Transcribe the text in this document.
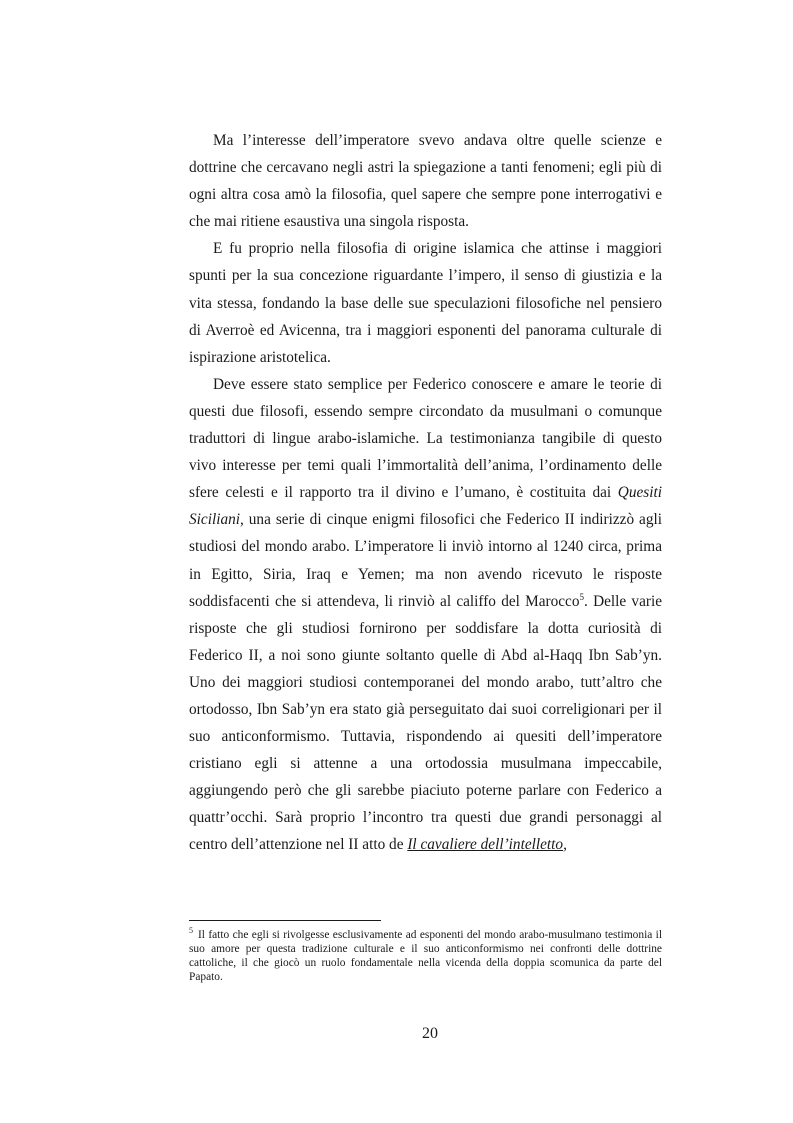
Ma l’interesse dell’imperatore svevo andava oltre quelle scienze e dottrine che cercavano negli astri la spiegazione a tanti fenomeni; egli più di ogni altra cosa amò la filosofia, quel sapere che sempre pone interrogativi e che mai ritiene esaustiva una singola risposta.

E fu proprio nella filosofia di origine islamica che attinse i maggiori spunti per la sua concezione riguardante l’impero, il senso di giustizia e la vita stessa, fondando la base delle sue speculazioni filosofiche nel pensiero di Averroè ed Avicenna, tra i maggiori esponenti del panorama culturale di ispirazione aristotelica.

Deve essere stato semplice per Federico conoscere e amare le teorie di questi due filosofi, essendo sempre circondato da musulmani o comunque traduttori di lingue arabo-islamiche. La testimonianza tangibile di questo vivo interesse per temi quali l’immortalità dell’anima, l’ordinamento delle sfere celesti e il rapporto tra il divino e l’umano, è costituita dai Quesiti Siciliani, una serie di cinque enigmi filosofici che Federico II indirizzò agli studiosi del mondo arabo. L’imperatore li inviò intorno al 1240 circa, prima in Egitto, Siria, Iraq e Yemen; ma non avendo ricevuto le risposte soddisfacenti che si attendeva, li rinviò al califfo del Marocco$^5$. Delle varie risposte che gli studiosi fornirono per soddisfare la dotta curiosità di Federico II, a noi sono giunte soltanto quelle di Abd al-Haqq Ibn Sab’yn. Uno dei maggiori studiosi contemporanei del mondo arabo, tutt’altro che ortodosso, Ibn Sab’yn era stato già perseguitato dai suoi correligionari per il suo anticonformismo. Tuttavia, rispondendo ai quesiti dell’imperatore cristiano egli si attenne a una ortodossia musulmana impeccabile, aggiungendo però che gli sarebbe piaciuto poterne parlare con Federico a quattr’occhi. Sarà proprio l’incontro tra questi due grandi personaggi al centro dell’attenzione nel II atto de Il cavaliere dell’intelletto,

$^5$ Il fatto che egli si rivolgesse esclusivamente ad esponenti del mondo arabo-musulmano testimonia il suo amore per questa tradizione culturale e il suo anticonformismo nei confronti delle dottrine cattoliche, il che giocò un ruolo fondamentale nella vicenda della doppia scomunica da parte del Papato.
20
